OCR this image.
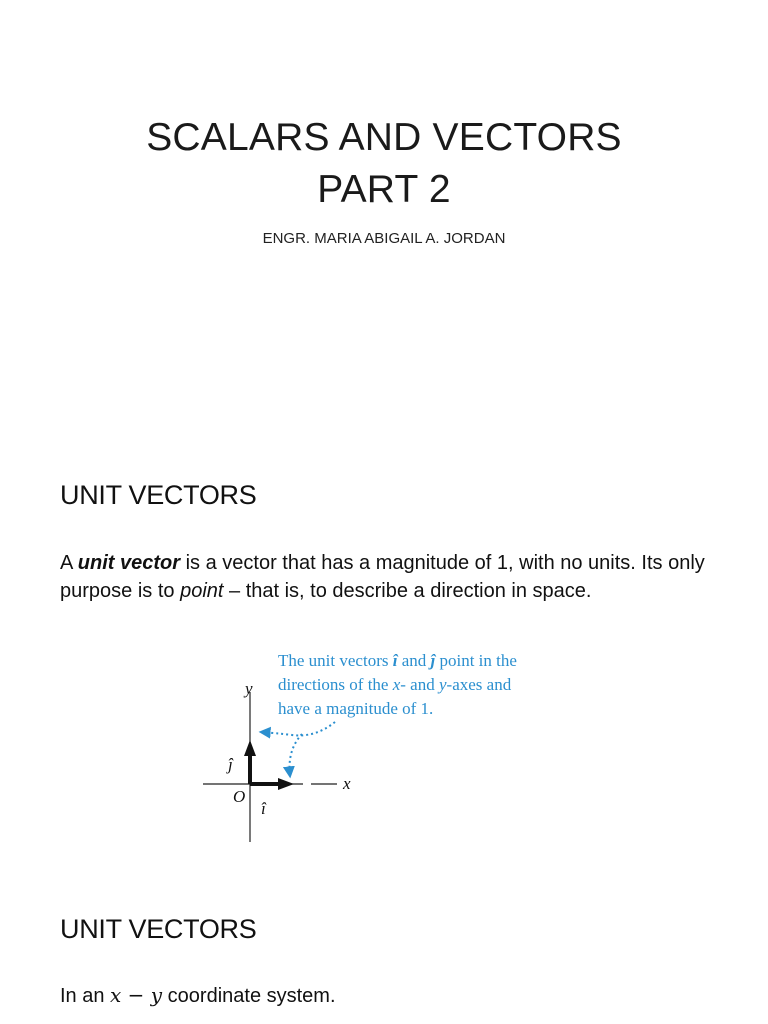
SCALARS AND VECTORS
PART 2
ENGR. MARIA ABIGAIL A. JORDAN
UNIT VECTORS
A unit vector is a vector that has a magnitude of 1, with no units. Its only purpose is to point – that is, to describe a direction in space.
The unit vectors î and ĵ point in the
directions of the x- and y-axes and
have a magnitude of 1.
y
x
ĵ
O
î
UNIT VECTORS
In an x − y coordinate system.
